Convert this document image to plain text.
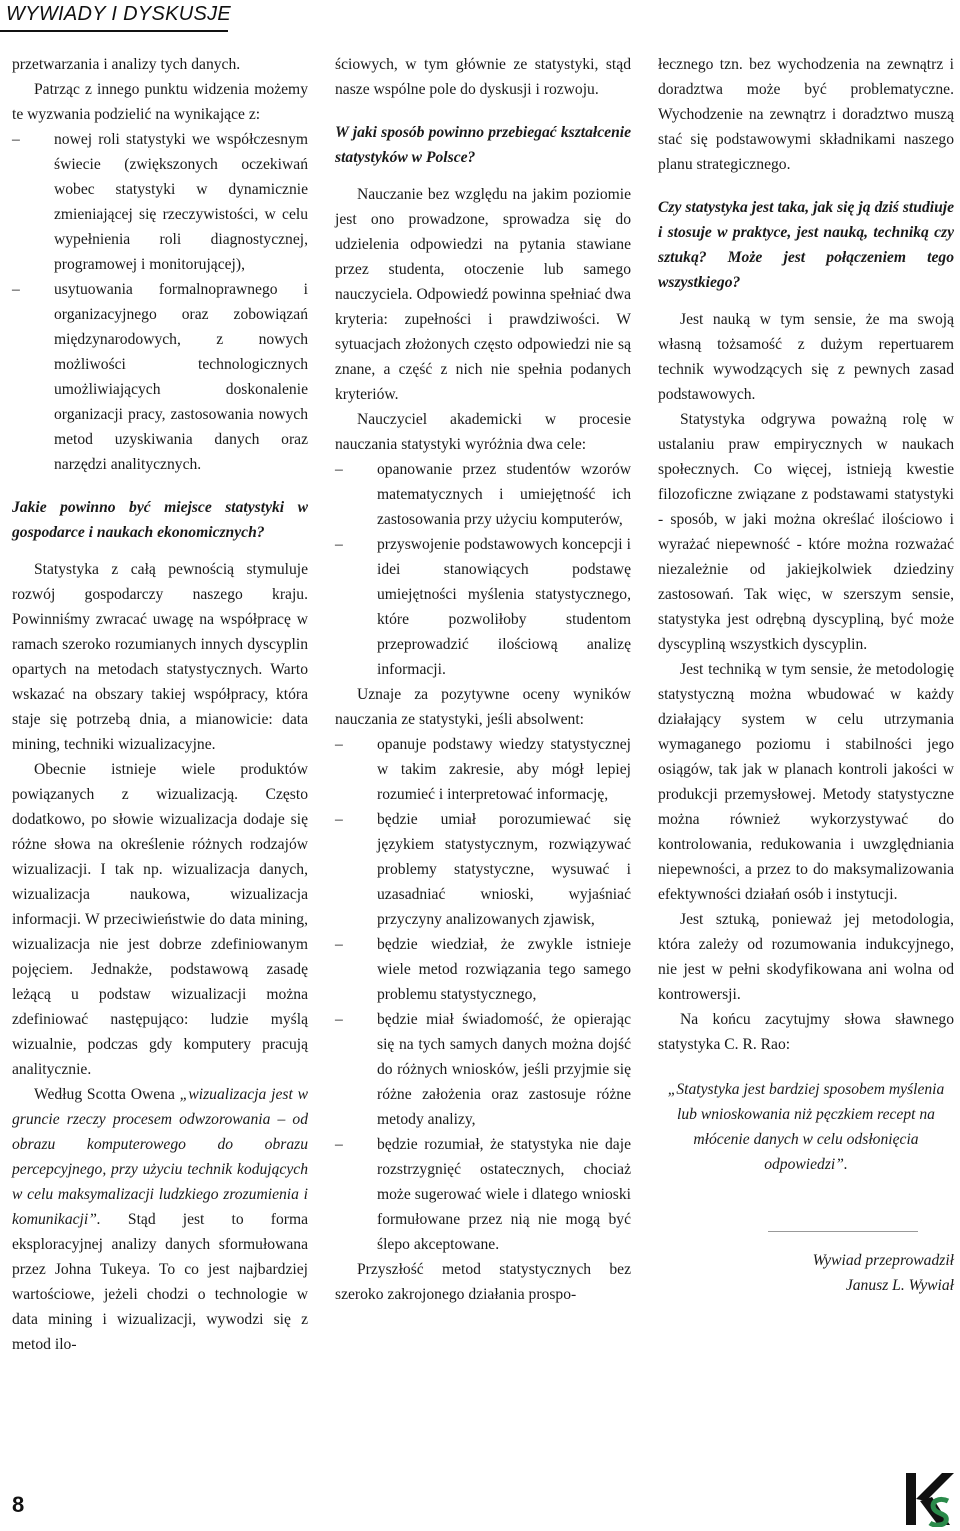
WYWIADY I DYSKUSJE

przetwarzania i analizy tych danych.

Patrząc z innego punktu widzenia możemy te wyzwania podzielić na wynikające z:

– nowej roli statystyki we współczesnym świecie (zwiększonych oczekiwań wobec statystyki w dynamicznie zmieniającej się rzeczywistości, w celu wypełnienia roli diagnostycznej, programowej i monitorującej),
– usytuowania formalnoprawnego i organizacyjnego oraz zobowiązań międzynarodowych, z nowych możliwości technologicznych umożliwiających doskonalenie organizacji pracy, zastosowania nowych metod uzyskiwania danych oraz narzędzi analitycznych.

Jakie powinno być miejsce statystyki w gospodarce i naukach ekonomicznych?

Statystyka z całą pewnością stymuluje rozwój gospodarczy naszego kraju. Powinniśmy zwracać uwagę na współpracę w ramach szeroko rozumianych innych dyscyplin opartych na metodach statystycznych. Warto wskazać na obszary takiej współpracy, która staje się potrzebą dnia, a mianowicie: data mining, techniki wizualizacyjne.

Obecnie istnieje wiele produktów powiązanych z wizualizacją. Często dodatkowo, po słowie wizualizacja dodaje się różne słowa na określenie różnych rodzajów wizualizacji. I tak np. wizualizacja danych, wizualizacja naukowa, wizualizacja informacji. W przeciwieństwie do data mining, wizualizacja nie jest dobrze zdefiniowanym pojęciem. Jednakże, podstawową zasadę leżącą u podstaw wizualizacji można zdefiniować następująco: ludzie myślą wizualnie, podczas gdy komputery pracują analitycznie.

Według Scotta Owena „wizualizacja jest w gruncie rzeczy procesem odwzorowania – od obrazu komputerowego do obrazu percepcyjnego, przy użyciu technik kodujących w celu maksymalizacji ludzkiego zrozumienia i komunikacji”. Stąd jest to forma eksploracyjnej analizy danych sformułowana przez Johna Tukeya. To co jest najbardziej wartościowe, jeżeli chodzi o technologie w data mining i wizualizacji, wywodzi się z metod ilo-

ściowych, w tym głównie ze statystyki, stąd nasze wspólne pole do dyskusji i rozwoju.

W jaki sposób powinno przebiegać kształcenie statystyków w Polsce?

Nauczanie bez względu na jakim poziomie jest ono prowadzone, sprowadza się do udzielenia odpowiedzi na pytania stawiane przez studenta, otoczenie lub samego nauczyciela. Odpowiedź powinna spełniać dwa kryteria: zupełności i prawdziwości. W sytuacjach złożonych często odpowiedzi nie są znane, a część z nich nie spełnia podanych kryteriów.

Nauczyciel akademicki w procesie nauczania statystyki wyróżnia dwa cele:

– opanowanie przez studentów wzorów matematycznych i umiejętność ich zastosowania przy użyciu komputerów,
– przyswojenie podstawowych koncepcji i idei stanowiących podstawę umiejętności myślenia statystycznego, które pozwoliłoby studentom przeprowadzić ilościową analizę informacji.

Uznaje za pozytywne oceny wyników nauczania ze statystyki, jeśli absolwent:

– opanuje podstawy wiedzy statystycznej w takim zakresie, aby mógł lepiej rozumieć i interpretować informację,
– będzie umiał porozumiewać się językiem statystycznym, rozwiązywać problemy statystyczne, wysuwać i uzasadniać wnioski, wyjaśniać przyczyny analizowanych zjawisk,
– będzie wiedział, że zwykle istnieje wiele metod rozwiązania tego samego problemu statystycznego,
– będzie miał świadomość, że opierając się na tych samych danych można dojść do różnych wniosków, jeśli przyjmie się różne założenia oraz zastosuje różne metody analizy,
– będzie rozumiał, że statystyka nie daje rozstrzygnięć ostatecznych, chociaż może sugerować wiele i dlatego wnioski formułowane przez nią nie mogą być ślepo akceptowane.

Przyszłość metod statystycznych bez szeroko zakrojonego działania prospo-

łecznego tzn. bez wychodzenia na zewnątrz i doradztwa może być problematyczne. Wychodzenie na zewnątrz i doradztwo muszą stać się podstawowymi składnikami naszego planu strategicznego.

Czy statystyka jest taka, jak się ją dziś studiuje i stosuje w praktyce, jest nauką, techniką czy sztuką? Może jest połączeniem tego wszystkiego?

Jest nauką w tym sensie, że ma swoją własną tożsamość z dużym repertuarem technik wywodzących się z pewnych zasad podstawowych.

Statystyka odgrywa poważną rolę w ustalaniu praw empirycznych w naukach społecznych. Co więcej, istnieją kwestie filozoficzne związane z podstawami statystyki - sposób, w jaki można określać ilościowo i wyrażać niepewność - które można rozważać niezależnie od jakiejkolwiek dziedziny zastosowań. Tak więc, w szerszym sensie, statystyka jest odrębną dyscypliną, być może dyscypliną wszystkich dyscyplin.

Jest techniką w tym sensie, że metodologię statystyczną można wbudować w każdy działający system w celu utrzymania wymaganego poziomu i stabilności jego osiągów, tak jak w planach kontroli jakości w produkcji przemysłowej. Metody statystyczne można również wykorzystywać do kontrolowania, redukowania i uwzględniania niepewności, a przez to do maksymalizowania efektywności działań osób i instytucji.

Jest sztuką, ponieważ jej metodologia, która zależy od rozumowania indukcyjnego, nie jest w pełni skodyfikowana ani wolna od kontrowersji.

Na końcu zacytujmy słowa sławnego statystyka C. R. Rao:

„Statystyka jest bardziej sposobem myślenia lub wnioskowania niż pęczkiem recept na młócenie danych w celu odsłonięcia odpowiedzi”.

Wywiad przeprowadził

Janusz L. Wywiał

8
